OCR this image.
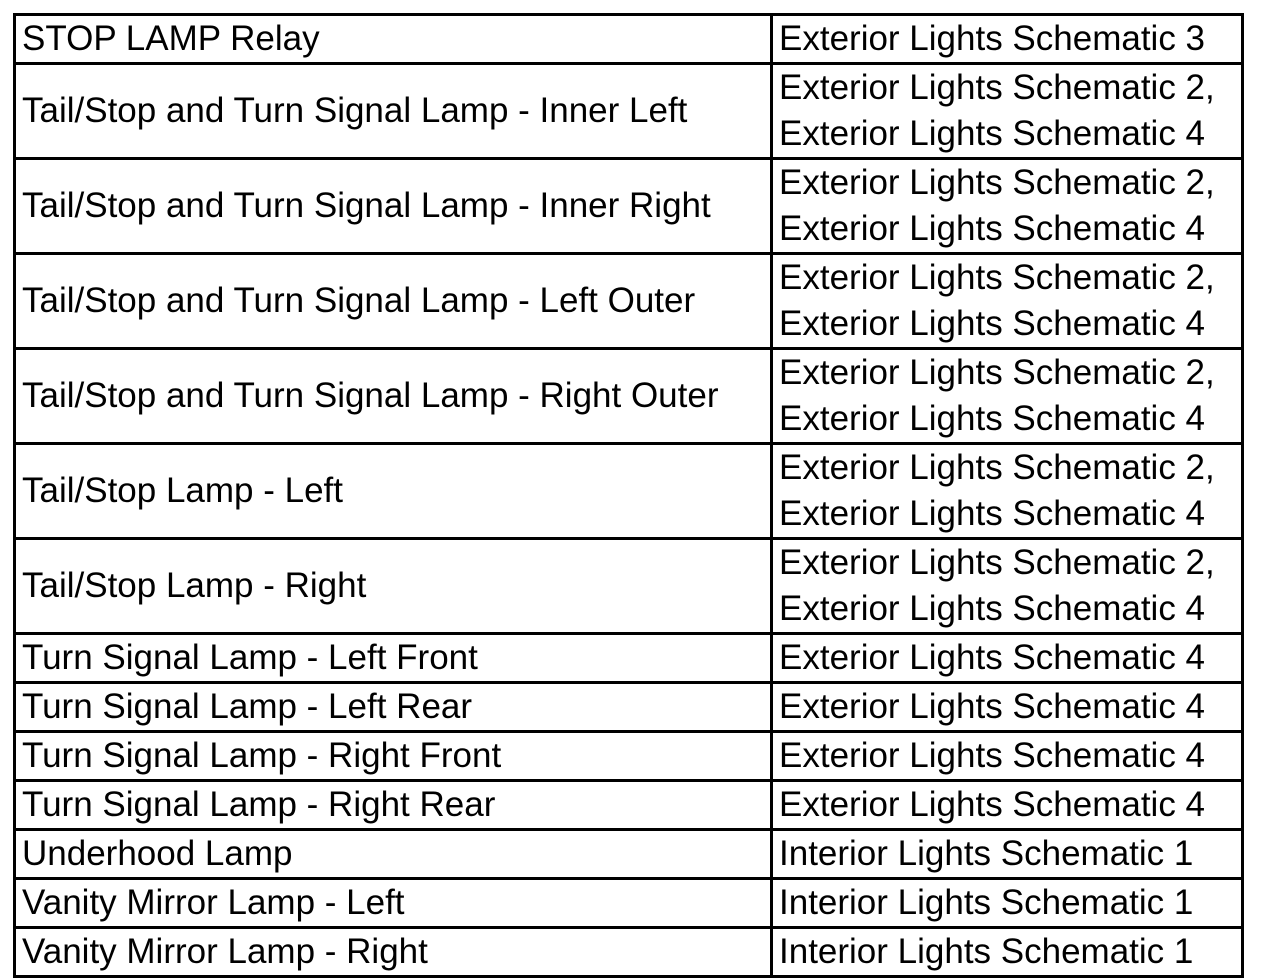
STOP LAMP Relay	Exterior Lights Schematic 3

Tail/Stop and Turn Signal Lamp - Inner Left	Exterior Lights Schematic 2,
Exterior Lights Schematic 4

Tail/Stop and Turn Signal Lamp - Inner Right	Exterior Lights Schematic 2,
Exterior Lights Schematic 4

Tail/Stop and Turn Signal Lamp - Left Outer	Exterior Lights Schematic 2,
Exterior Lights Schematic 4

Tail/Stop and Turn Signal Lamp - Right Outer	Exterior Lights Schematic 2,
Exterior Lights Schematic 4

Tail/Stop Lamp - Left	Exterior Lights Schematic 2,
Exterior Lights Schematic 4

Tail/Stop Lamp - Right	Exterior Lights Schematic 2,
Exterior Lights Schematic 4

Turn Signal Lamp - Left Front	Exterior Lights Schematic 4

Turn Signal Lamp - Left Rear	Exterior Lights Schematic 4

Turn Signal Lamp - Right Front	Exterior Lights Schematic 4

Turn Signal Lamp - Right Rear	Exterior Lights Schematic 4

Underhood Lamp	Interior Lights Schematic 1

Vanity Mirror Lamp - Left	Interior Lights Schematic 1

Vanity Mirror Lamp - Right	Interior Lights Schematic 1
